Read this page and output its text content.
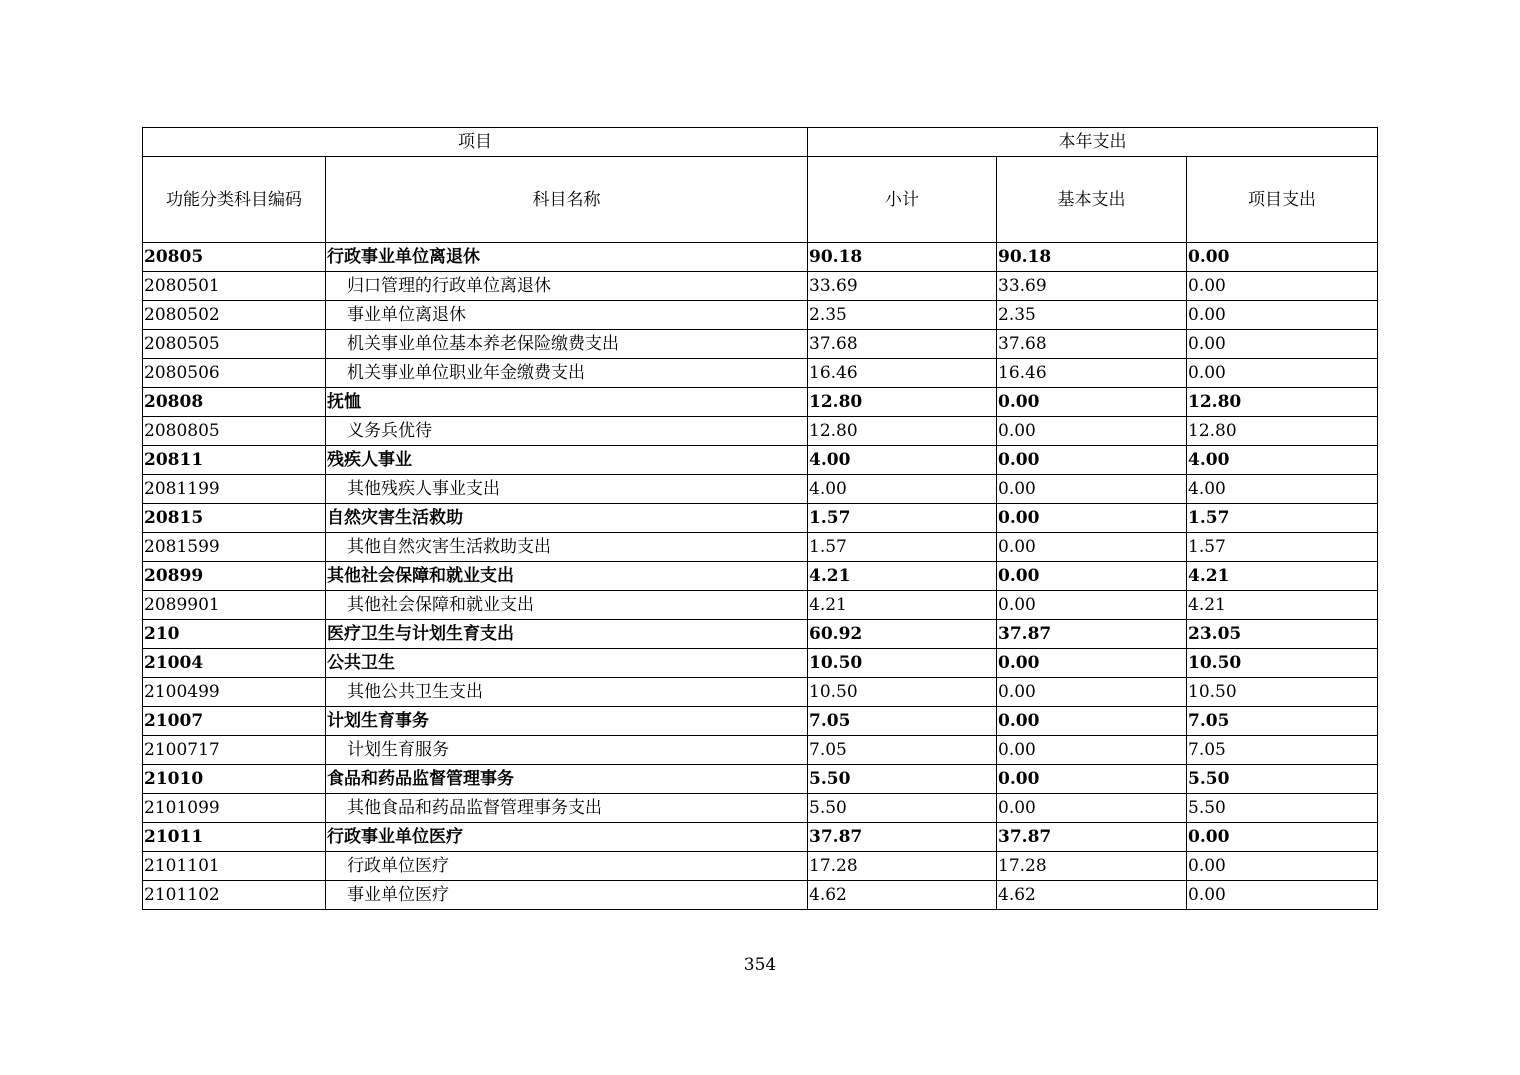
项目		本年支出		
功能分类科目编码	科目名称	小计	基本支出	项目支出
20805	行政事业单位离退休	90.18	90.18	0.00
2080501	归口管理的行政单位离退休	33.69	33.69	0.00
2080502	事业单位离退休	2.35	2.35	0.00
2080505	机关事业单位基本养老保险缴费支出	37.68	37.68	0.00
2080506	机关事业单位职业年金缴费支出	16.46	16.46	0.00
20808	抚恤	12.80	0.00	12.80
2080805	义务兵优待	12.80	0.00	12.80
20811	残疾人事业	4.00	0.00	4.00
2081199	其他残疾人事业支出	4.00	0.00	4.00
20815	自然灾害生活救助	1.57	0.00	1.57
2081599	其他自然灾害生活救助支出	1.57	0.00	1.57
20899	其他社会保障和就业支出	4.21	0.00	4.21
2089901	其他社会保障和就业支出	4.21	0.00	4.21
210	医疗卫生与计划生育支出	60.92	37.87	23.05
21004	公共卫生	10.50	0.00	10.50
2100499	其他公共卫生支出	10.50	0.00	10.50
21007	计划生育事务	7.05	0.00	7.05
2100717	计划生育服务	7.05	0.00	7.05
21010	食品和药品监督管理事务	5.50	0.00	5.50
2101099	其他食品和药品监督管理事务支出	5.50	0.00	5.50
21011	行政事业单位医疗	37.87	37.87	0.00
2101101	行政单位医疗	17.28	17.28	0.00
2101102	事业单位医疗	4.62	4.62	0.00
354
